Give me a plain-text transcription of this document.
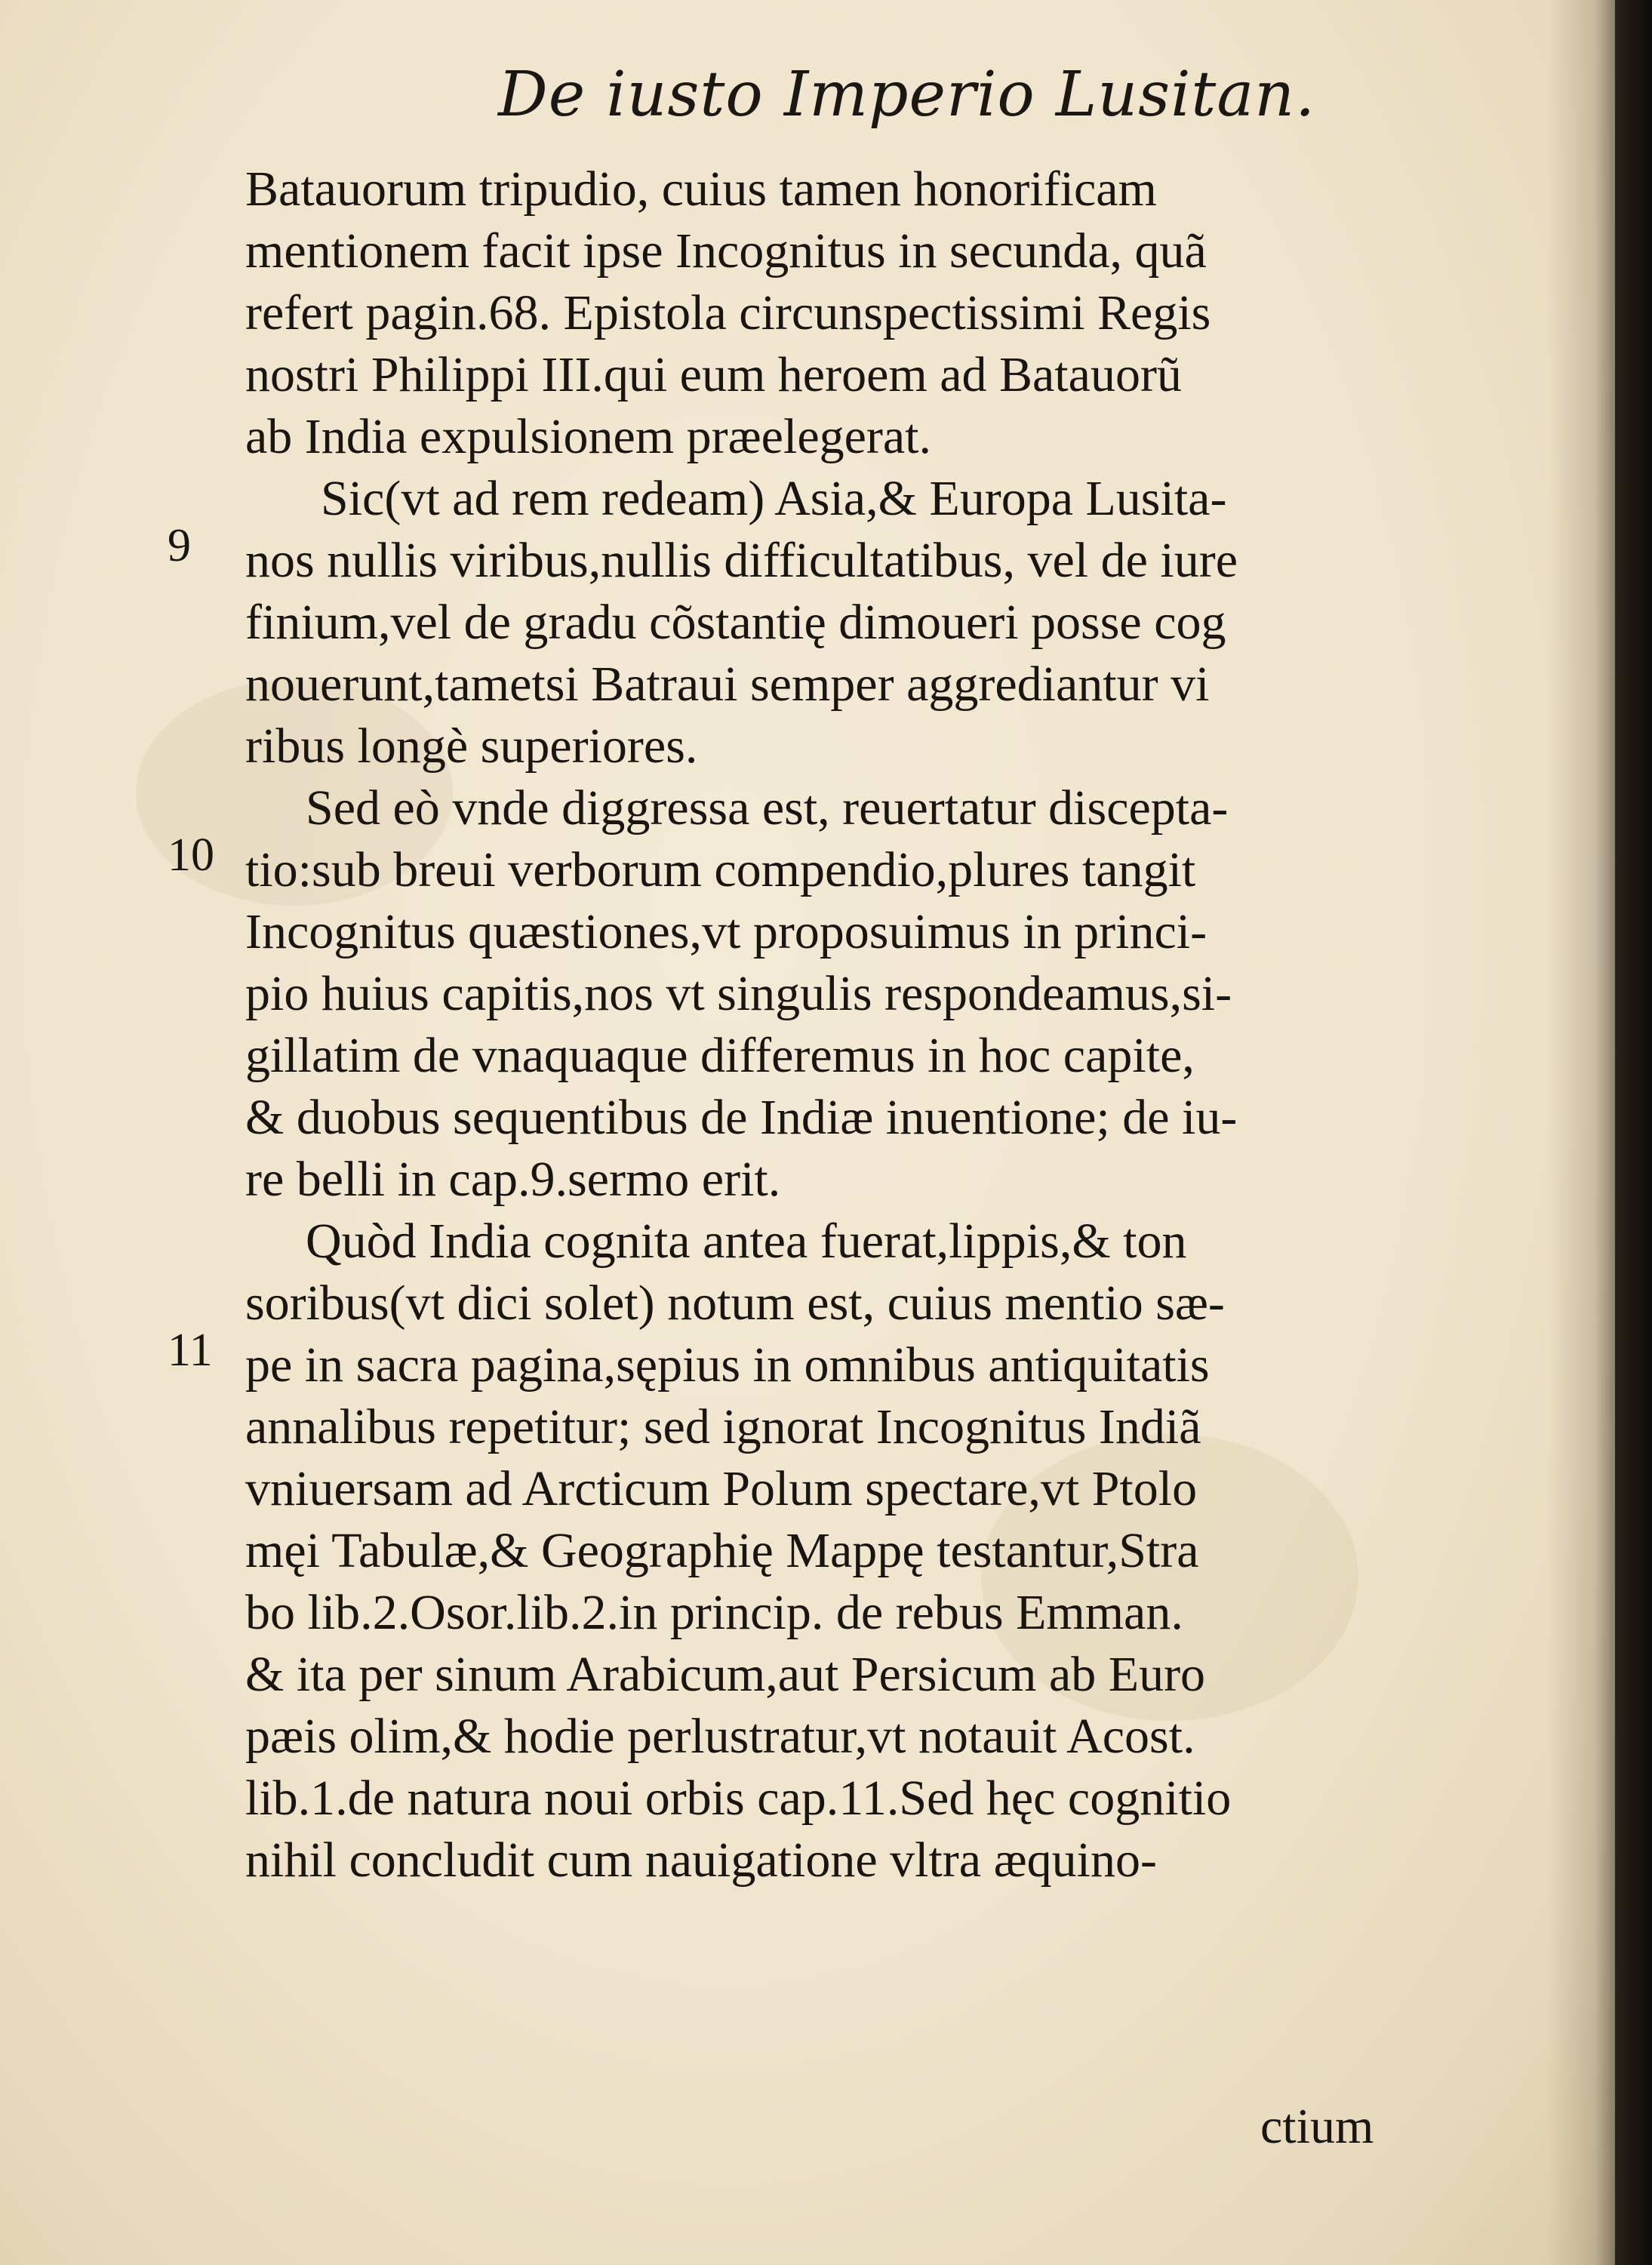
De iusto Imperio Lusitan.
9
10
11
Batauorum tripudio, cuius tamen honorificam
mentionem facit ipse Incognitus in secunda, quã
refert pagin.68. Epistola circunspectissimi Regis
nostri Philippi III.qui eum heroem ad Batauorũ
ab India expulsionem præelegerat.
Sic(vt ad rem redeam) Asia,& Europa Lusita-
nos nullis viribus,nullis difficultatibus, vel de iure
finium,vel de gradu cõstantię dimoueri posse cog
nouerunt,tametsi Batraui semper aggrediantur vi
ribus longè superiores.
Sed eò vnde diggressa est, reuertatur discepta-
tio:sub breui verborum compendio,plures tangit
Incognitus quæstiones,vt proposuimus in princi-
pio huius capitis,nos vt singulis respondeamus,si-
gillatim de vnaquaque differemus in hoc capite,
& duobus sequentibus de Indiæ inuentione; de iu-
re belli in cap.9.sermo erit.
Quòd India cognita antea fuerat,lippis,& ton
soribus(vt dici solet) notum est, cuius mentio sæ-
pe in sacra pagina,sępius in omnibus antiquitatis
annalibus repetitur; sed ignorat Incognitus Indiã
vniuersam ad Arcticum Polum spectare,vt Ptolo
męi Tabulæ,& Geographię Mappę testantur,Stra
bo lib.2.Osor.lib.2.in princip. de rebus Emman.
& ita per sinum Arabicum,aut Persicum ab Euro
pæis olim,& hodie perlustratur,vt notauit Acost.
lib.1.de natura noui orbis cap.11.Sed hęc cognitio
nihil concludit cum nauigatione vltra æquino-
ctium
